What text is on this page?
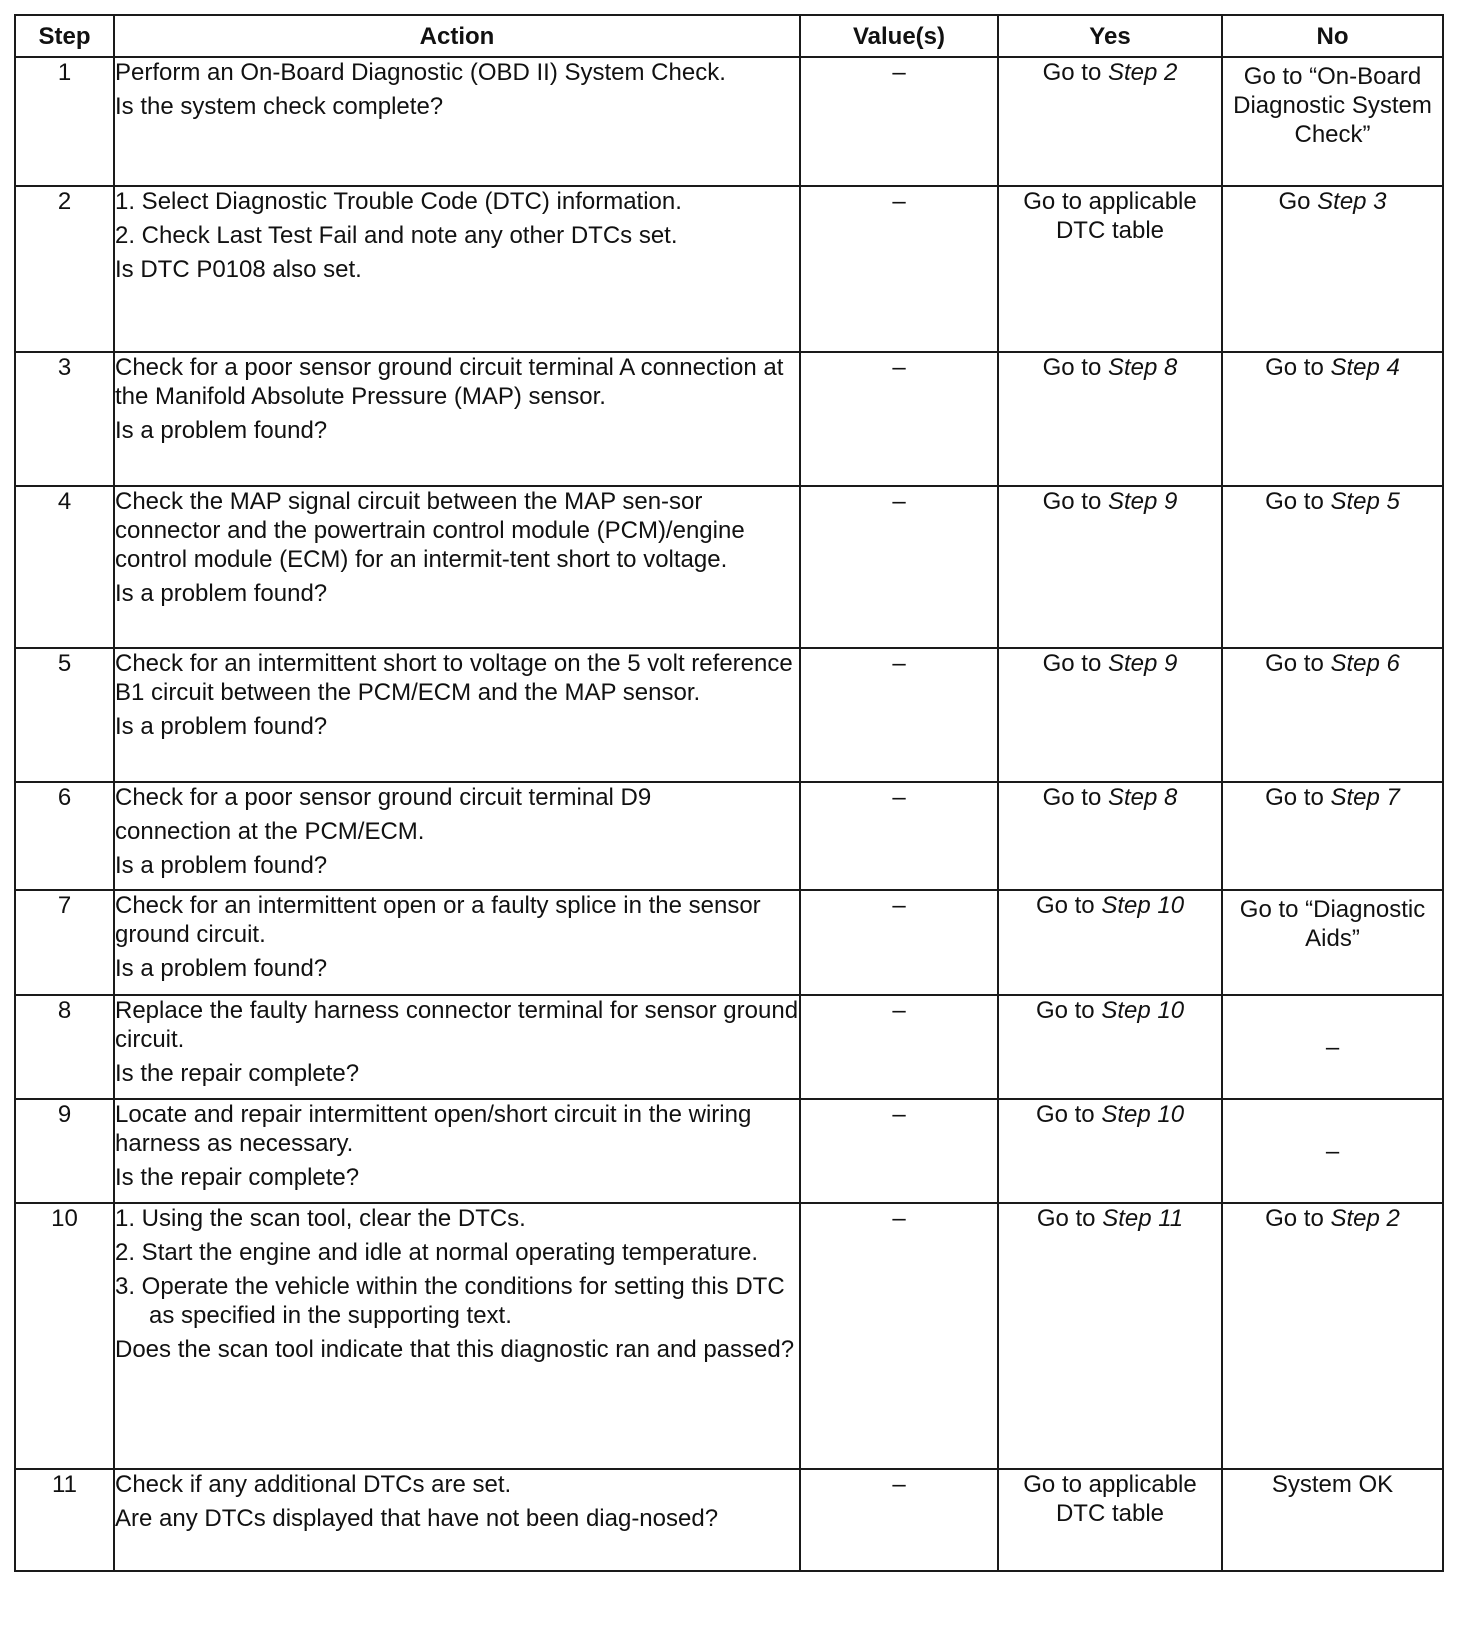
Step	Action	Value(s)	Yes	No
1	Perform an On-Board Diagnostic (OBD II) System Check.
Is the system check complete?	–	Go to Step 2	Go to “On-Board Diagnostic System Check”
2	1. Select Diagnostic Trouble Code (DTC) information.
2. Check Last Test Fail and note any other DTCs set.
Is DTC P0108 also set.	–	Go to applicable DTC table	Go Step 3
3	Check for a poor sensor ground circuit terminal A connection at the Manifold Absolute Pressure (MAP) sensor.
Is a problem found?	–	Go to Step 8	Go to Step 4
4	Check the MAP signal circuit between the MAP sen-sor connector and the powertrain control module (PCM)/engine control module (ECM) for an intermit-tent short to voltage.
Is a problem found?	–	Go to Step 9	Go to Step 5
5	Check for an intermittent short to voltage on the 5 volt reference B1 circuit between the PCM/ECM and the MAP sensor.
Is a problem found?	–	Go to Step 9	Go to Step 6
6	Check for a poor sensor ground circuit terminal D9
connection at the PCM/ECM.
Is a problem found?	–	Go to Step 8	Go to Step 7
7	Check for an intermittent open or a faulty splice in the sensor ground circuit.
Is a problem found?	–	Go to Step 10	Go to “Diagnostic Aids”
8	Replace the faulty harness connector terminal for sensor ground circuit.
Is the repair complete?	–	Go to Step 10	–
9	Locate and repair intermittent open/short circuit in the wiring harness as necessary.
Is the repair complete?	–	Go to Step 10	–
10	1. Using the scan tool, clear the DTCs.
2. Start the engine and idle at normal operating temperature.
3. Operate the vehicle within the conditions for setting this DTC as specified in the supporting text.
Does the scan tool indicate that this diagnostic ran and passed?	–	Go to Step 11	Go to Step 2
11	Check if any additional DTCs are set.
Are any DTCs displayed that have not been diag-nosed?	–	Go to applicable DTC table	System OK
